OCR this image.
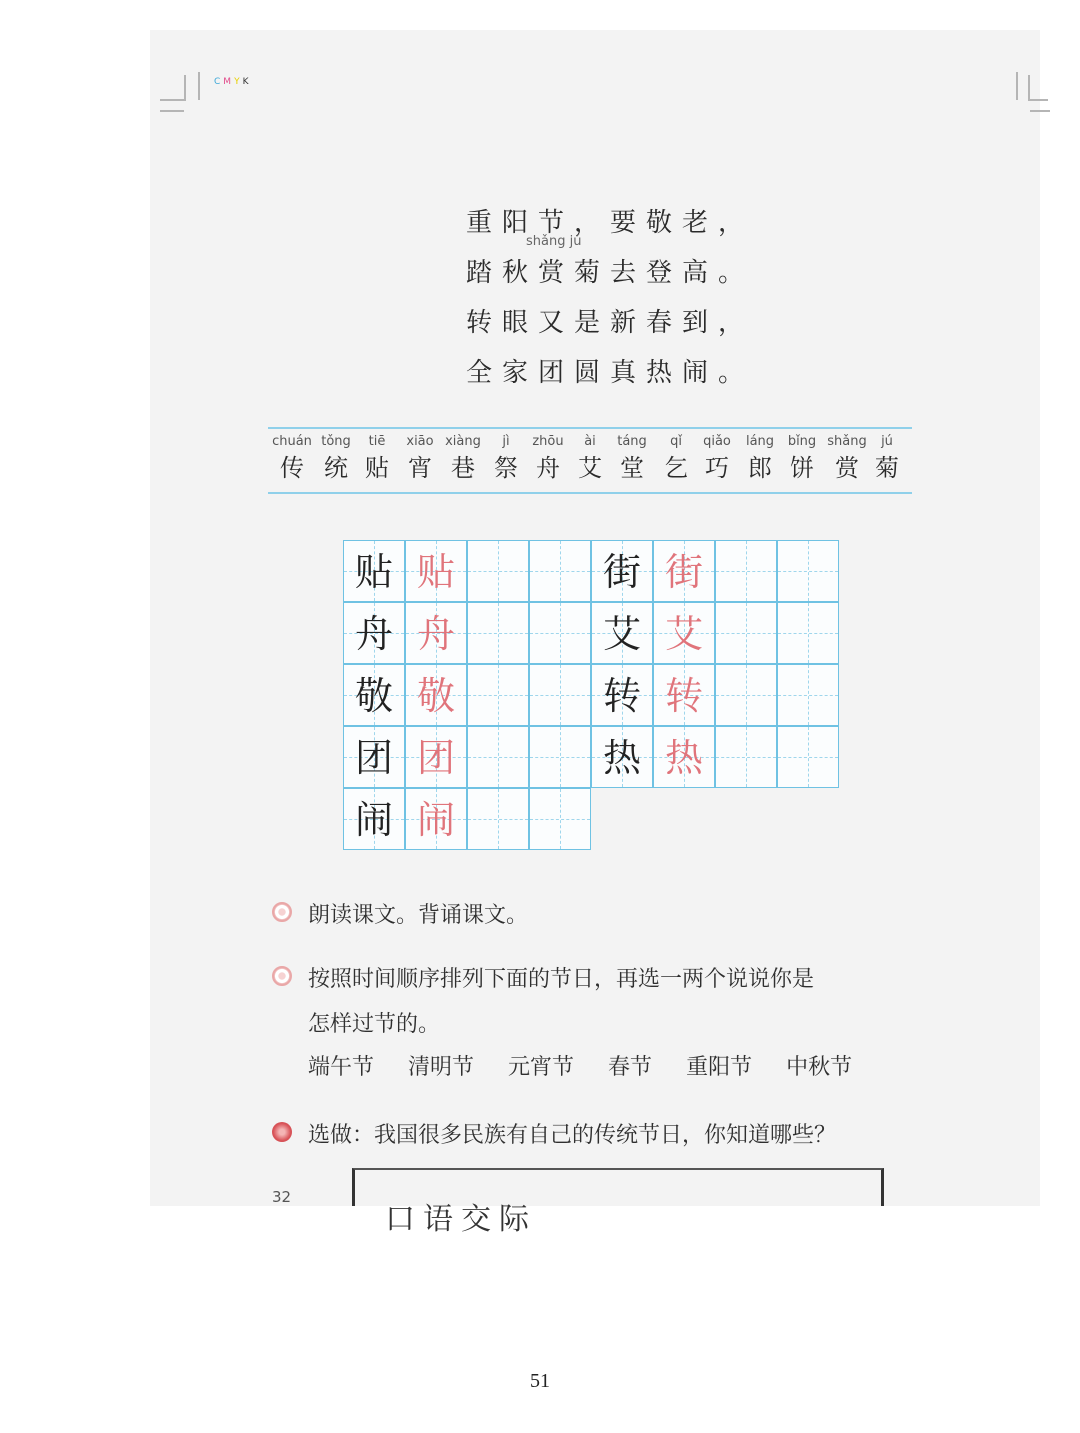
CMYK
重阳节，要敬老，
踏秋赏菊去登高。
转眼又是新春到，
全家团圆真热闹。
shǎng jú
chuán
传
tǒng
统
tiē
贴
xiāo
宵
xiàng
巷
jì
祭
zhōu
舟
ài
艾
táng
堂
qǐ
乞
qiǎo
巧
láng
郎
bǐng
饼
shǎng
赏
jú
菊
贴 贴
舟 舟
敬 敬
团 团
闹 闹
街 街
艾 艾
转 转
热 热
朗读课文。背诵课文。
按照时间顺序排列下面的节日，再选一两个说说你是
怎样过节的。
端午节 清明节 元宵节 春节 重阳节 中秋节
选做：我国很多民族有自己的传统节日，你知道哪些？
32
口语交际
51
